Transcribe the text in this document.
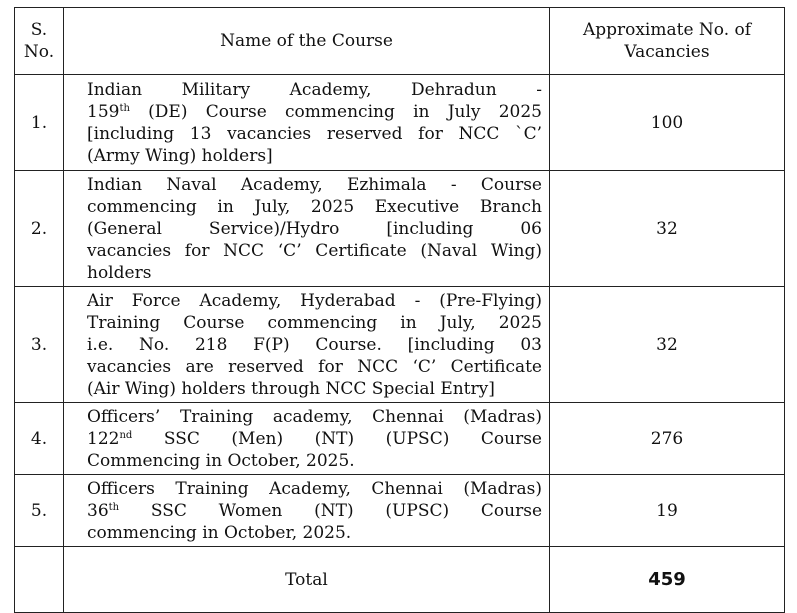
S.
No.	Name of the Course	Approximate No. of
Vacancies
1.	Indian Military Academy, Dehradun -
159th (DE) Course commencing in July 2025
[including 13 vacancies reserved for NCC `C’
(Army Wing) holders]	100
2.	Indian Naval Academy, Ezhimala - Course
commencing in July, 2025 Executive Branch
(General Service)/Hydro [including 06
vacancies for NCC ‘C’ Certificate (Naval Wing)
holders	32
3.	Air Force Academy, Hyderabad - (Pre-Flying)
Training Course commencing in July, 2025
i.e. No. 218 F(P) Course. [including 03
vacancies are reserved for NCC ‘C’ Certificate
(Air Wing) holders through NCC Special Entry]	32
4.	Officers’ Training academy, Chennai (Madras)
122nd SSC (Men) (NT) (UPSC) Course
Commencing in October, 2025.	276
5.	Officers Training Academy, Chennai (Madras)
36th SSC Women (NT) (UPSC) Course
commencing in October, 2025.	19
	Total	459
